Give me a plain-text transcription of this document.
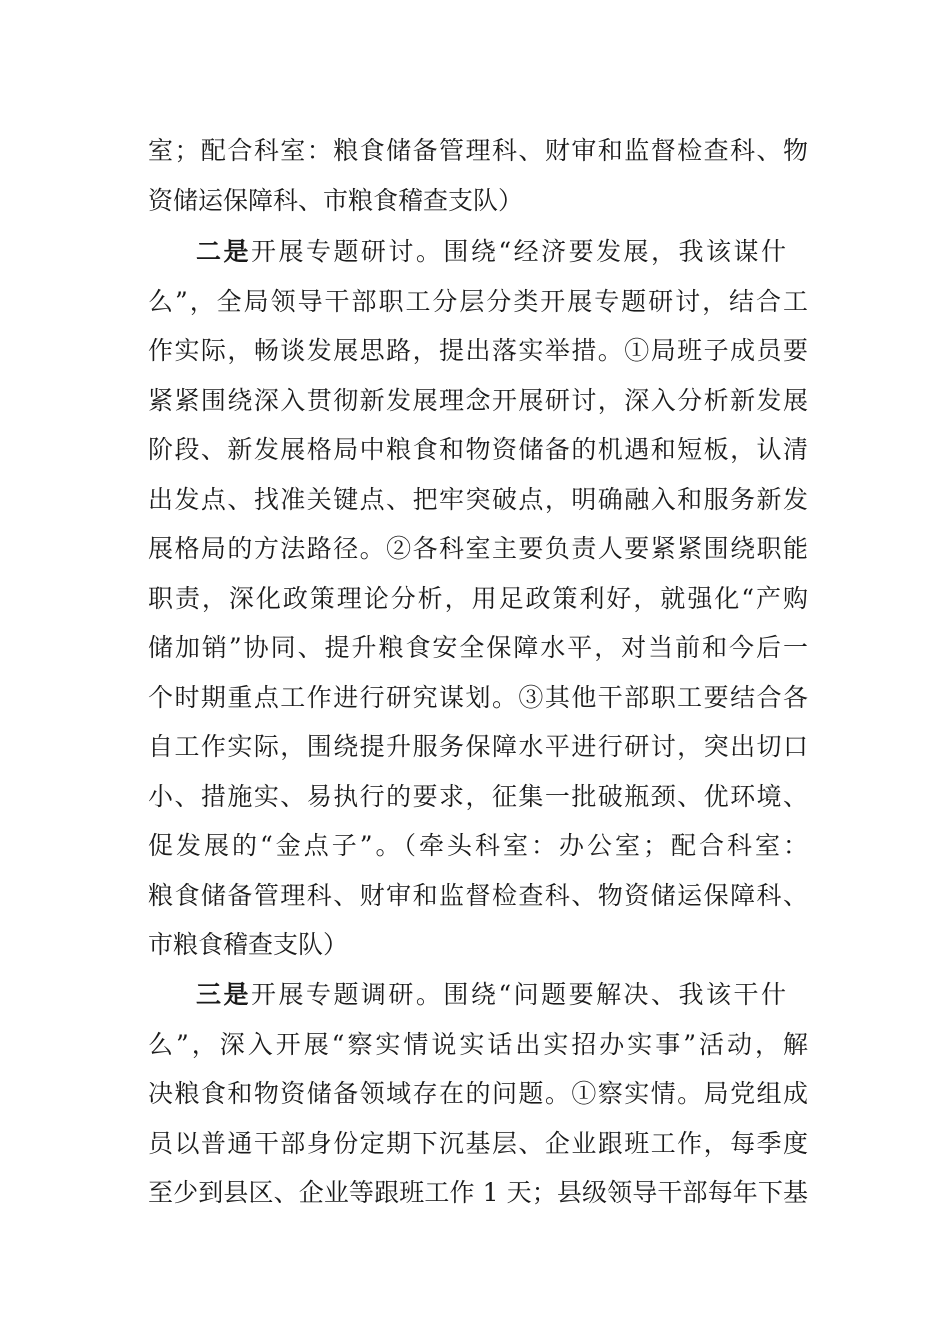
室；配合科室：粮食储备管理科、财审和监督检查科、物
资储运保障科、市粮食稽查支队）
二是开展专题研讨。围绕“经济要发展，我该谋什
么”，全局领导干部职工分层分类开展专题研讨，结合工
作实际，畅谈发展思路，提出落实举措。①局班子成员要
紧紧围绕深入贯彻新发展理念开展研讨，深入分析新发展
阶段、新发展格局中粮食和物资储备的机遇和短板，认清
出发点、找准关键点、把牢突破点，明确融入和服务新发
展格局的方法路径。②各科室主要负责人要紧紧围绕职能
职责，深化政策理论分析，用足政策利好，就强化“产购
储加销”协同、提升粮食安全保障水平，对当前和今后一
个时期重点工作进行研究谋划。③其他干部职工要结合各
自工作实际，围绕提升服务保障水平进行研讨，突出切口
小、措施实、易执行的要求，征集一批破瓶颈、优环境、
促发展的“金点子”。（牵头科室：办公室；配合科室：
粮食储备管理科、财审和监督检查科、物资储运保障科、
市粮食稽查支队）
三是开展专题调研。围绕“问题要解决、我该干什
么”，深入开展“察实情说实话出实招办实事”活动，解
决粮食和物资储备领域存在的问题。①察实情。局党组成
员以普通干部身份定期下沉基层、企业跟班工作，每季度
至少到县区、企业等跟班工作 1 天；县级领导干部每年下基
